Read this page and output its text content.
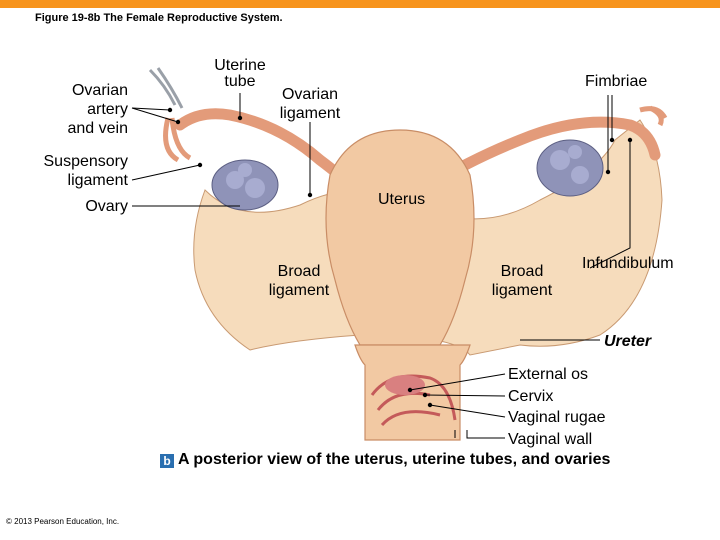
Figure 19-8b The Female Reproductive System.
Ovarian
artery
and vein
Uterine
tube
Ovarian
ligament
Fimbriae
Suspensory
ligament
Ovary	Uterus
Broad
ligament
Broad
ligament
Infundibulum
Ureter
External os
Cervix
Vaginal rugae
Vaginal wall
b A posterior view of the uterus, uterine tubes, and ovaries
© 2013 Pearson Education, Inc.
